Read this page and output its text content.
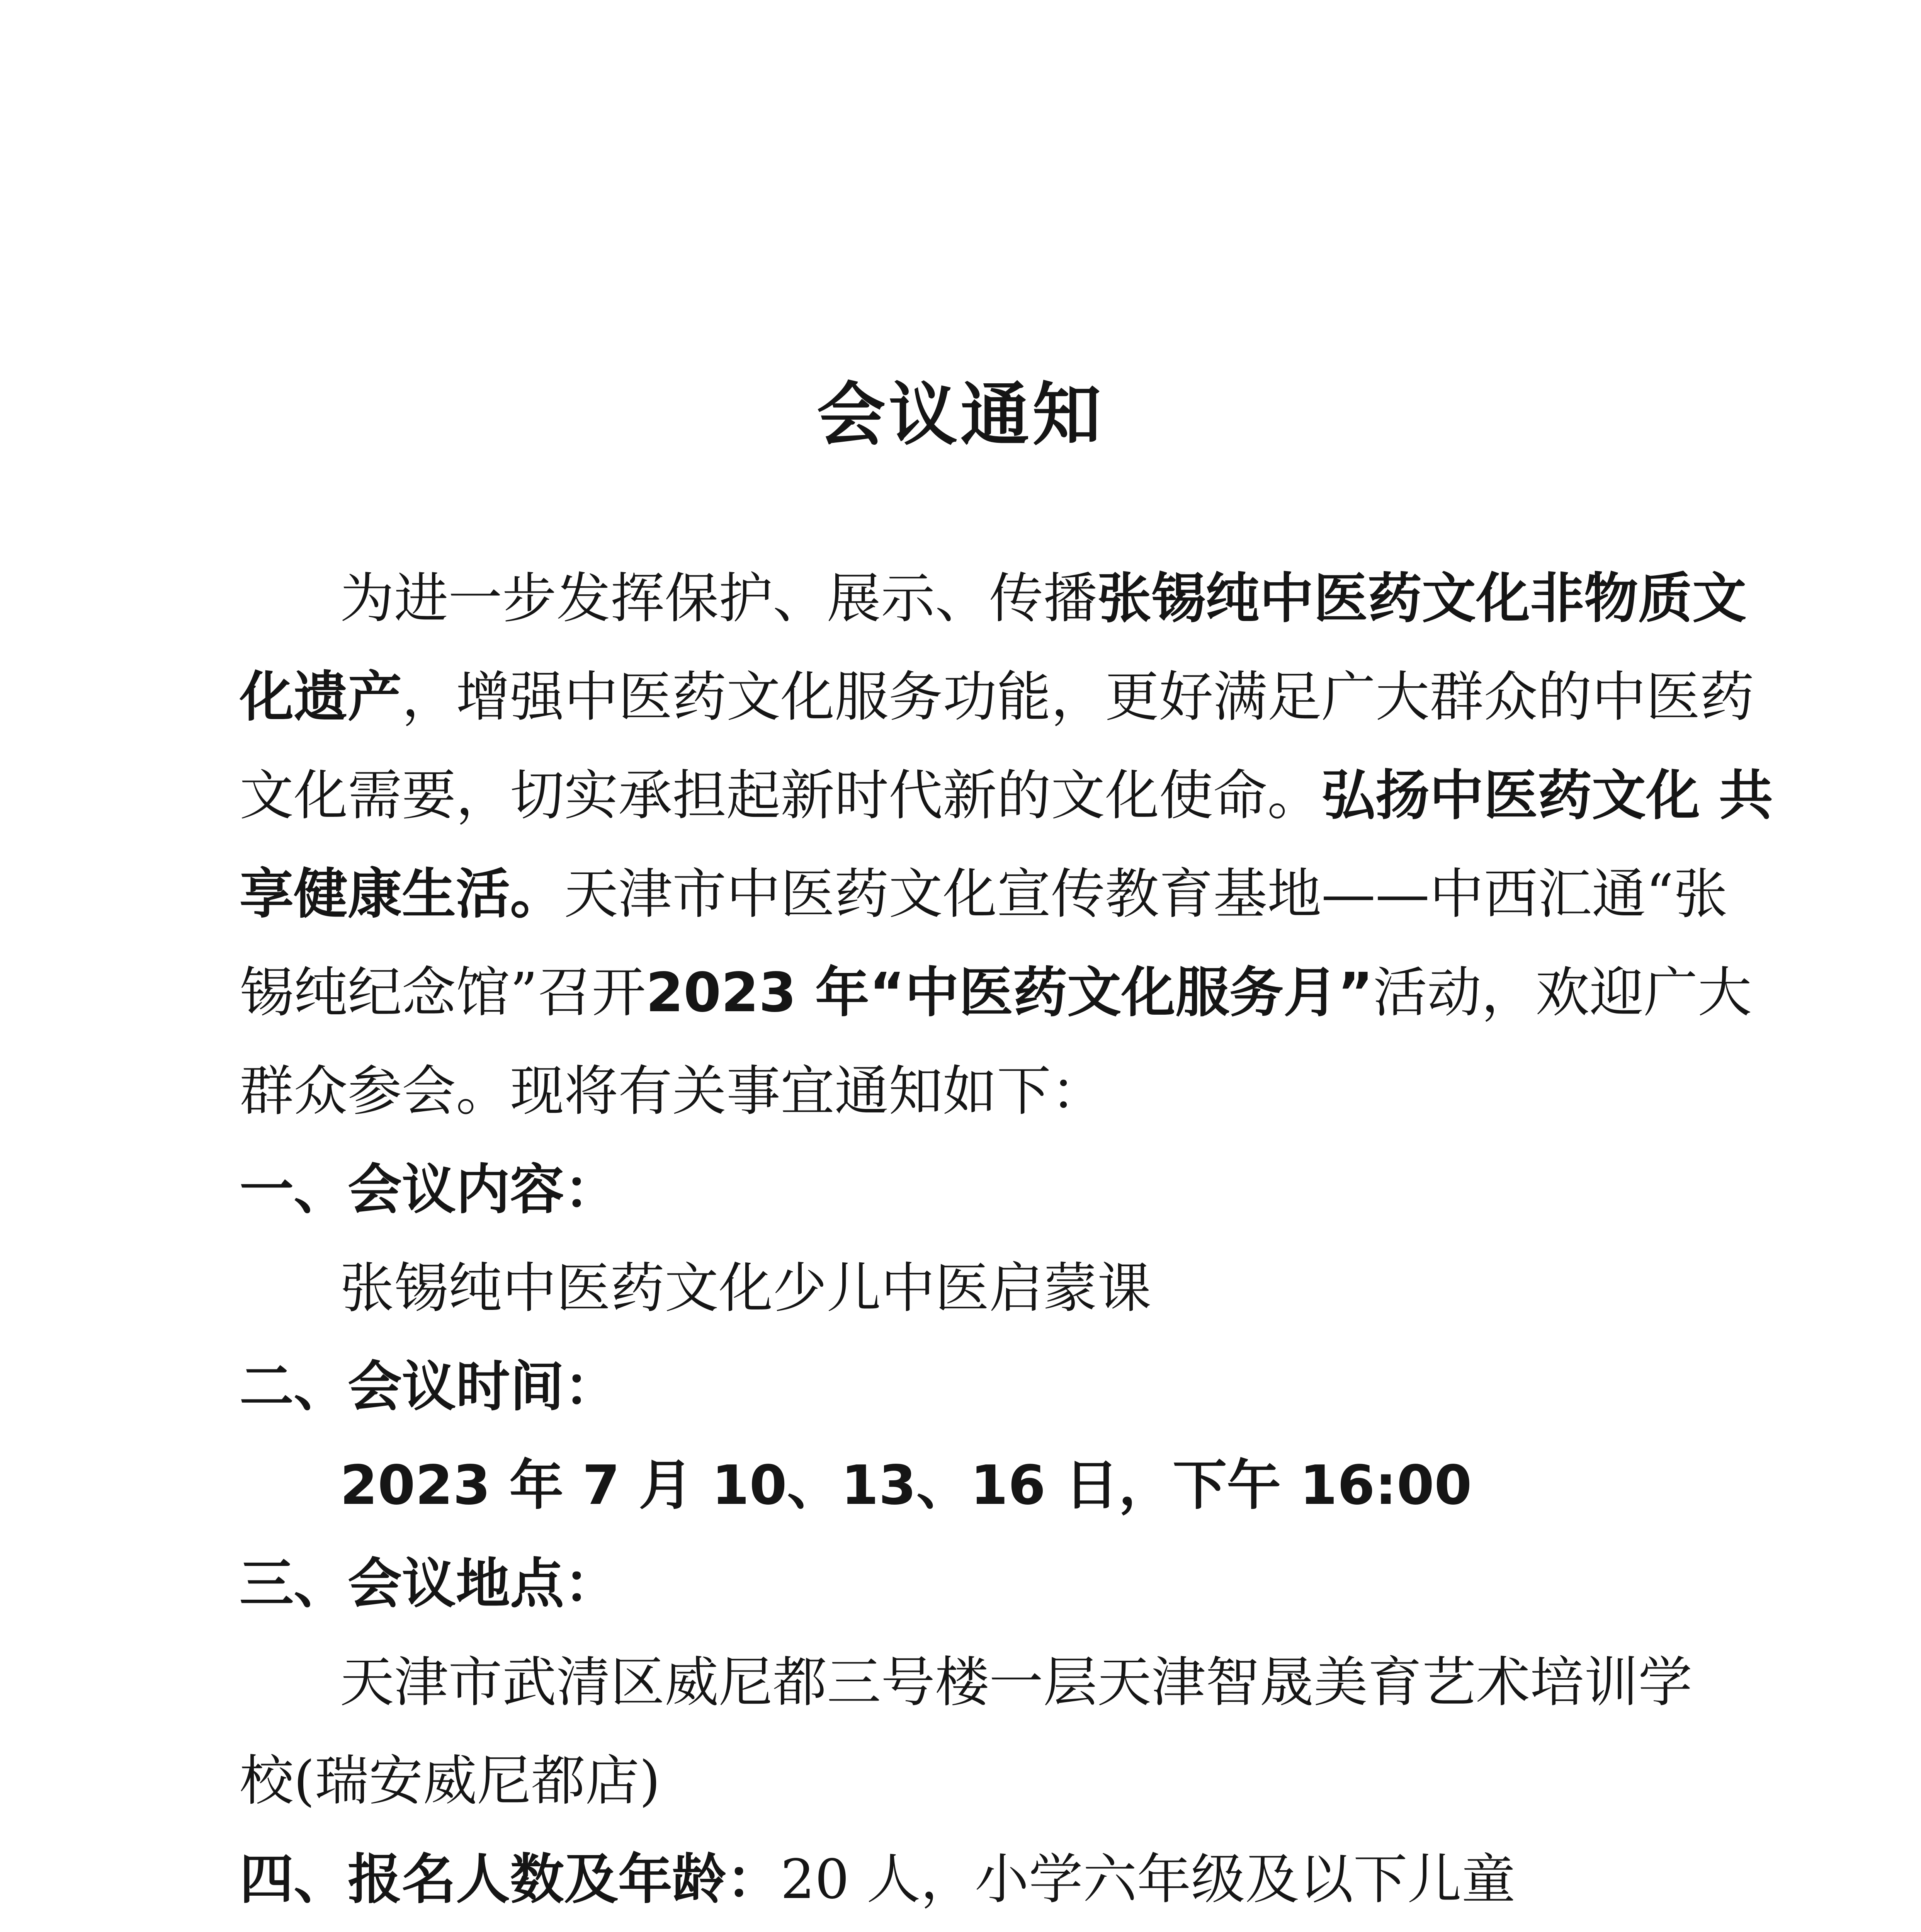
会议通知
为进一步发挥保护、展示、传播张锡纯中医药文化非物质文
化遗产，增强中医药文化服务功能，更好满足广大群众的中医药
文化需要，切实承担起新时代新的文化使命。弘扬中医药文化 共
享健康生活。天津市中医药文化宣传教育基地——中西汇通“张
锡纯纪念馆”召开2023 年“中医药文化服务月”活动，欢迎广大
群众参会。现将有关事宜通知如下：
一、会议内容：
张锡纯中医药文化少儿中医启蒙课
二、会议时间：
2023 年 7 月 10、13、16 日，下午 16:00
三、会议地点：
天津市武清区威尼都三号楼一层天津智晟美育艺术培训学
校(瑞安威尼都店)
四、报名人数及年龄：20 人，小学六年级及以下儿童
